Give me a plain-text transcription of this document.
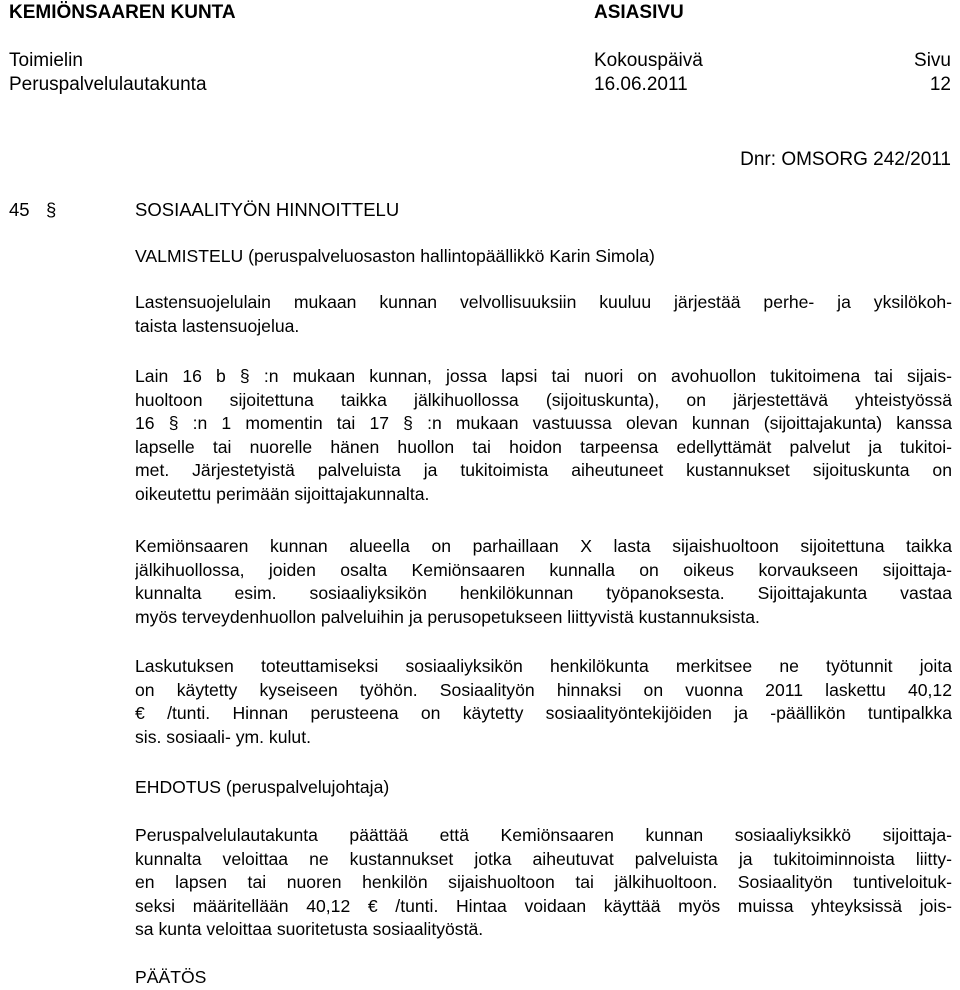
KEMIÖNSAAREN KUNTA	ASIASIVU
Toimielin	Kokouspäivä	Sivu
Peruspalvelulautakunta	16.06.2011	12
Dnr: OMSORG 242/2011
45 §	SOSIAALITYÖN HINNOITTELU
VALMISTELU (peruspalveluosaston hallintopäällikkö Karin Simola)
Lastensuojelulain mukaan kunnan velvollisuuksiin kuuluu järjestää perhe- ja yksilökoh-
taista lastensuojelua.
Lain 16 b § :n mukaan kunnan, jossa lapsi tai nuori on avohuollon tukitoimena tai sijais-
huoltoon sijoitettuna taikka jälkihuollossa (sijoituskunta), on järjestettävä yhteistyössä
16 § :n 1 momentin tai 17 § :n mukaan vastuussa olevan kunnan (sijoittajakunta) kanssa
lapselle tai nuorelle hänen huollon tai hoidon tarpeensa edellyttämät palvelut ja tukitoi-
met. Järjestetyistä palveluista ja tukitoimista aiheutuneet kustannukset sijoituskunta on
oikeutettu perimään sijoittajakunnalta.
Kemiönsaaren kunnan alueella on parhaillaan X lasta sijaishuoltoon sijoitettuna taikka
jälkihuollossa, joiden osalta Kemiönsaaren kunnalla on oikeus korvaukseen sijoittaja-
kunnalta esim. sosiaaliyksikön henkilökunnan työpanoksesta. Sijoittajakunta vastaa
myös terveydenhuollon palveluihin ja perusopetukseen liittyvistä kustannuksista.
Laskutuksen toteuttamiseksi sosiaaliyksikön henkilökunta merkitsee ne työtunnit joita
on käytetty kyseiseen työhön. Sosiaalityön hinnaksi on vuonna 2011 laskettu 40,12
€ /tunti. Hinnan perusteena on käytetty sosiaalityöntekijöiden ja -päällikön tuntipalkka
sis. sosiaali- ym. kulut.
EHDOTUS (peruspalvelujohtaja)
Peruspalvelulautakunta päättää että Kemiönsaaren kunnan sosiaaliyksikkö sijoittaja-
kunnalta veloittaa ne kustannukset jotka aiheutuvat palveluista ja tukitoiminnoista liitty-
en lapsen tai nuoren henkilön sijaishuoltoon tai jälkihuoltoon. Sosiaalityön tuntiveloituk-
seksi määritellään 40,12 € /tunti. Hintaa voidaan käyttää myös muissa yhteyksissä jois-
sa kunta veloittaa suoritetusta sosiaalityöstä.
PÄÄTÖS
